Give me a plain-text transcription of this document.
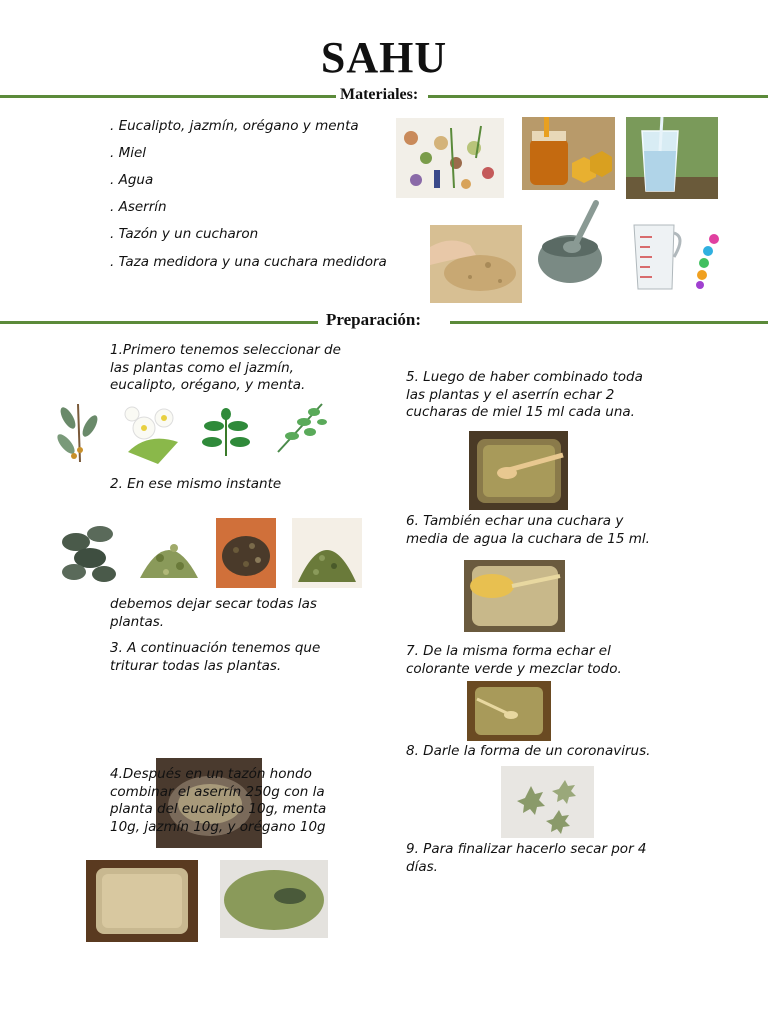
SAHU
Materiales:
. Eucalipto, jazmín, orégano y menta
. Miel
. Agua
. Aserrín
. Tazón y un cucharon
. Taza medidora y una cuchara medidora
Preparación:
1.Primero tenemos seleccionar de las plantas como el jazmín, eucalipto, orégano, y menta.
2. En ese mismo instante
debemos dejar secar todas las plantas.
3. A continuación tenemos que triturar todas las plantas.
4.Después en un tazón hondo combinar el aserrín 250g con la planta del eucalipto 10g, menta 10g, jazmín 10g, y orégano 10g
5. Luego de haber combinado toda las plantas y el aserrín echar 2 cucharas de miel 15 ml cada una.
6. También echar una cuchara y media de agua la cuchara de 15 ml.
7. De la misma forma echar el colorante verde y mezclar todo.
8. Darle la forma de un coronavirus.
9. Para finalizar hacerlo secar por 4 días.
